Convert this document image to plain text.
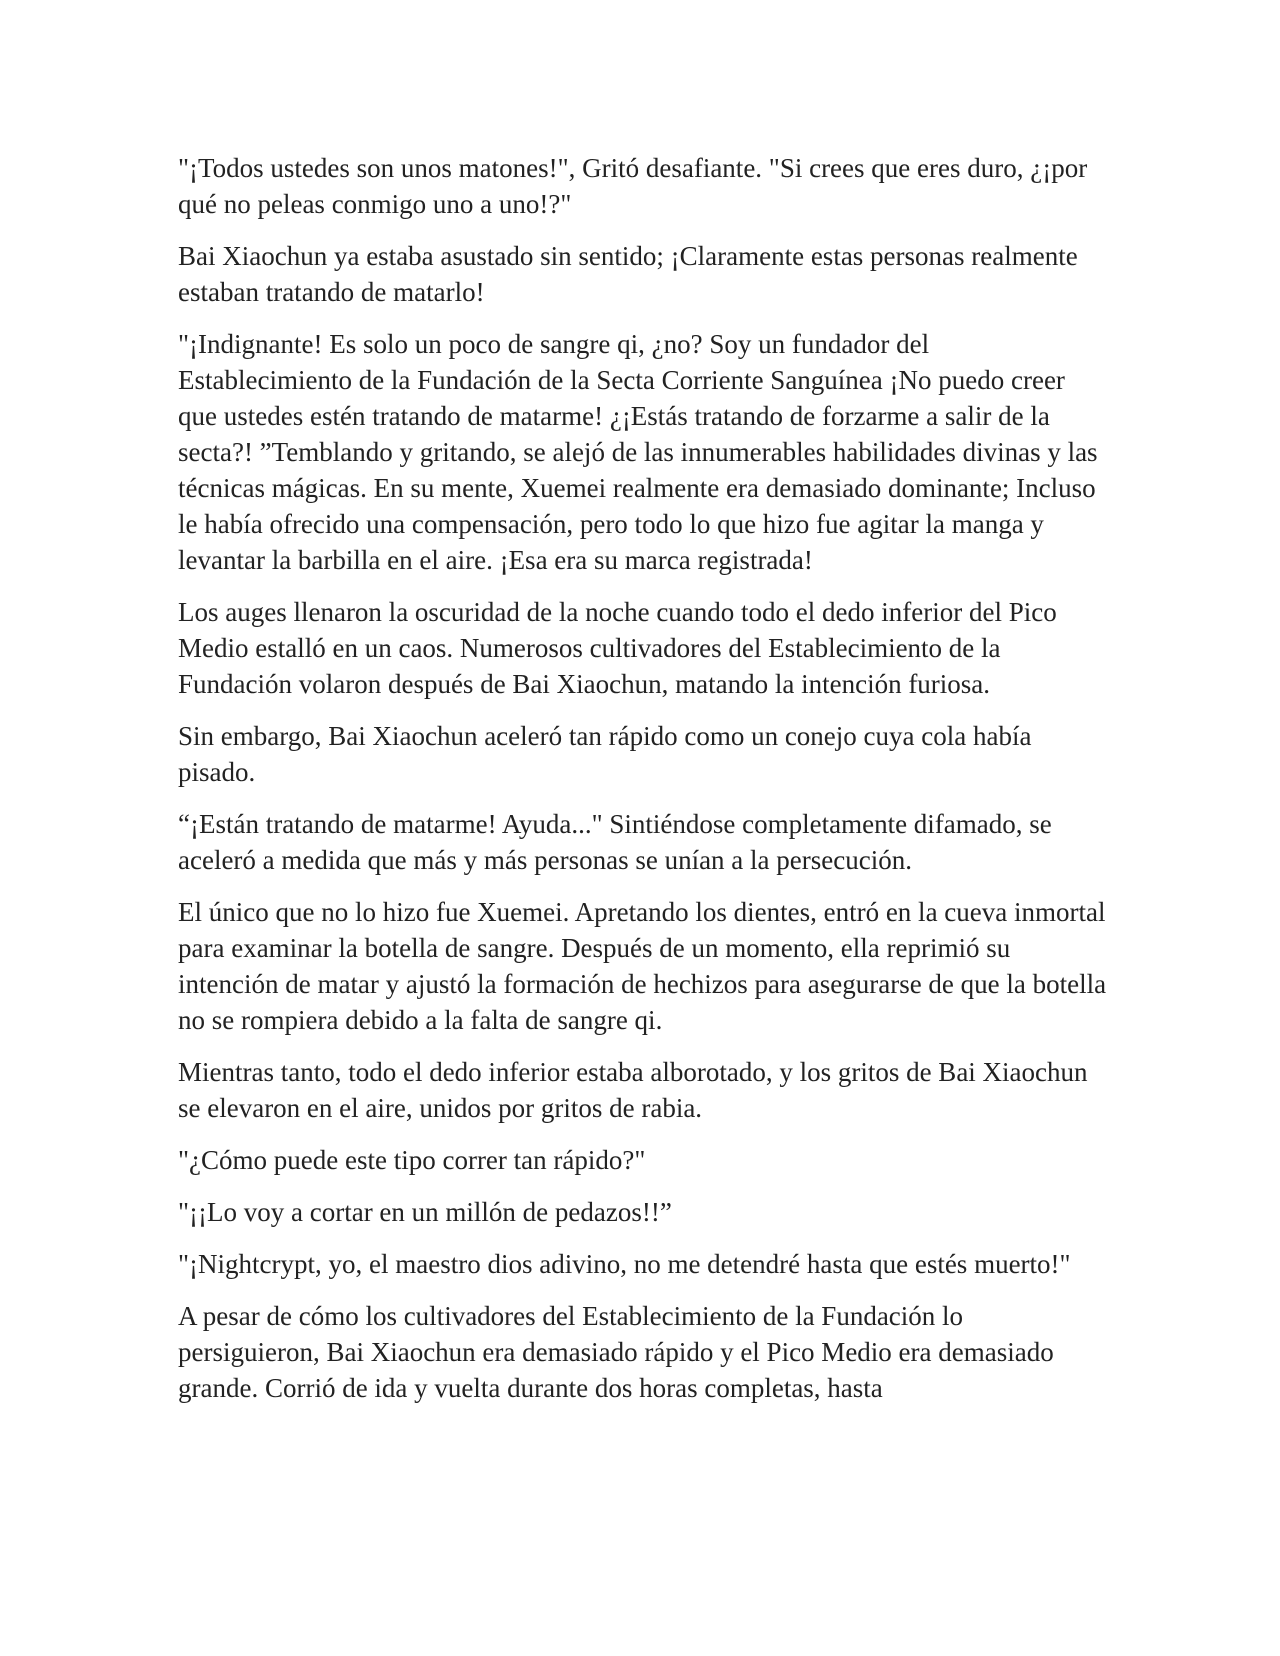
"¡Todos ustedes son unos matones!", Gritó desafiante. "Si crees que eres duro, ¿¡por qué no peleas conmigo uno a uno!?"

Bai Xiaochun ya estaba asustado sin sentido; ¡Claramente estas personas realmente estaban tratando de matarlo!

"¡Indignante! Es solo un poco de sangre qi, ¿no? Soy un fundador del Establecimiento de la Fundación de la Secta Corriente Sanguínea ¡No puedo creer que ustedes estén tratando de matarme! ¿¡Estás tratando de forzarme a salir de la secta?! ”Temblando y gritando, se alejó de las innumerables habilidades divinas y las técnicas mágicas. En su mente, Xuemei realmente era demasiado dominante; Incluso le había ofrecido una compensación, pero todo lo que hizo fue agitar la manga y levantar la barbilla en el aire. ¡Esa era su marca registrada!

Los auges llenaron la oscuridad de la noche cuando todo el dedo inferior del Pico Medio estalló en un caos. Numerosos cultivadores del Establecimiento de la Fundación volaron después de Bai Xiaochun, matando la intención furiosa.

Sin embargo, Bai Xiaochun aceleró tan rápido como un conejo cuya cola había pisado.

“¡Están tratando de matarme! Ayuda..." Sintiéndose completamente difamado, se aceleró a medida que más y más personas se unían a la persecución.

El único que no lo hizo fue Xuemei. Apretando los dientes, entró en la cueva inmortal para examinar la botella de sangre. Después de un momento, ella reprimió su intención de matar y ajustó la formación de hechizos para asegurarse de que la botella no se rompiera debido a la falta de sangre qi.

Mientras tanto, todo el dedo inferior estaba alborotado, y los gritos de Bai Xiaochun se elevaron en el aire, unidos por gritos de rabia.

"¿Cómo puede este tipo correr tan rápido?"

"¡¡Lo voy a cortar en un millón de pedazos!!”

"¡Nightcrypt, yo, el maestro dios adivino, no me detendré hasta que estés muerto!"

A pesar de cómo los cultivadores del Establecimiento de la Fundación lo persiguieron, Bai Xiaochun era demasiado rápido y el Pico Medio era demasiado grande. Corrió de ida y vuelta durante dos horas completas, hasta
